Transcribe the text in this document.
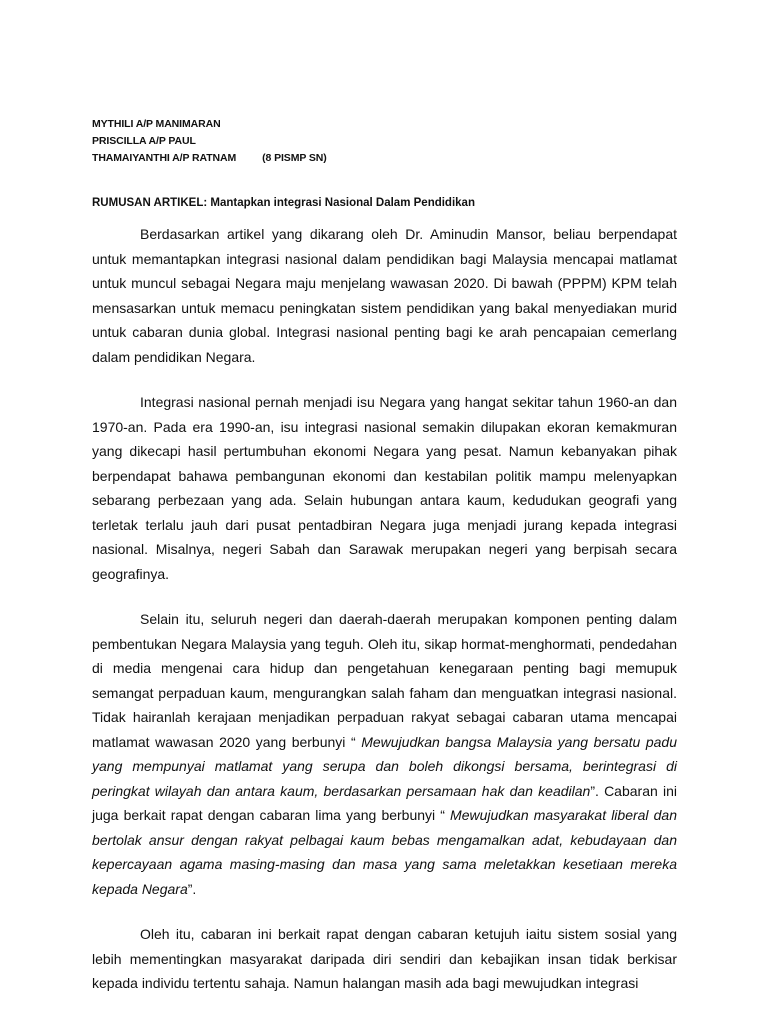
MYTHILI A/P MANIMARAN
PRISCILLA A/P PAUL
THAMAIYANTHI A/P RATNAM (8 PISMP SN)
RUMUSAN ARTIKEL: Mantapkan integrasi Nasional Dalam Pendidikan

Berdasarkan artikel yang dikarang oleh Dr. Aminudin Mansor, beliau berpendapat untuk memantapkan integrasi nasional dalam pendidikan bagi Malaysia mencapai matlamat untuk muncul sebagai Negara maju menjelang wawasan 2020. Di bawah (PPPM) KPM telah mensasarkan untuk memacu peningkatan sistem pendidikan yang bakal menyediakan murid untuk cabaran dunia global. Integrasi nasional penting bagi ke arah pencapaian cemerlang dalam pendidikan Negara.

Integrasi nasional pernah menjadi isu Negara yang hangat sekitar tahun 1960-an dan 1970-an. Pada era 1990-an, isu integrasi nasional semakin dilupakan ekoran kemakmuran yang dikecapi hasil pertumbuhan ekonomi Negara yang pesat. Namun kebanyakan pihak berpendapat bahawa pembangunan ekonomi dan kestabilan politik mampu melenyapkan sebarang perbezaan yang ada. Selain hubungan antara kaum, kedudukan geografi yang terletak terlalu jauh dari pusat pentadbiran Negara juga menjadi jurang kepada integrasi nasional. Misalnya, negeri Sabah dan Sarawak merupakan negeri yang berpisah secara geografinya.

Selain itu, seluruh negeri dan daerah-daerah merupakan komponen penting dalam pembentukan Negara Malaysia yang teguh. Oleh itu, sikap hormat-menghormati, pendedahan di media mengenai cara hidup dan pengetahuan kenegaraan penting bagi memupuk semangat perpaduan kaum, mengurangkan salah faham dan menguatkan integrasi nasional. Tidak hairanlah kerajaan menjadikan perpaduan rakyat sebagai cabaran utama mencapai matlamat wawasan 2020 yang berbunyi “ Mewujudkan bangsa Malaysia yang bersatu padu yang mempunyai matlamat yang serupa dan boleh dikongsi bersama, berintegrasi di peringkat wilayah dan antara kaum, berdasarkan persamaan hak dan keadilan”. Cabaran ini juga berkait rapat dengan cabaran lima yang berbunyi “ Mewujudkan masyarakat liberal dan bertolak ansur dengan rakyat pelbagai kaum bebas mengamalkan adat, kebudayaan dan kepercayaan agama masing-masing dan masa yang sama meletakkan kesetiaan mereka kepada Negara”.

Oleh itu, cabaran ini berkait rapat dengan cabaran ketujuh iaitu sistem sosial yang lebih mementingkan masyarakat daripada diri sendiri dan kebajikan insan tidak berkisar kepada individu tertentu sahaja. Namun halangan masih ada bagi mewujudkan integrasi
